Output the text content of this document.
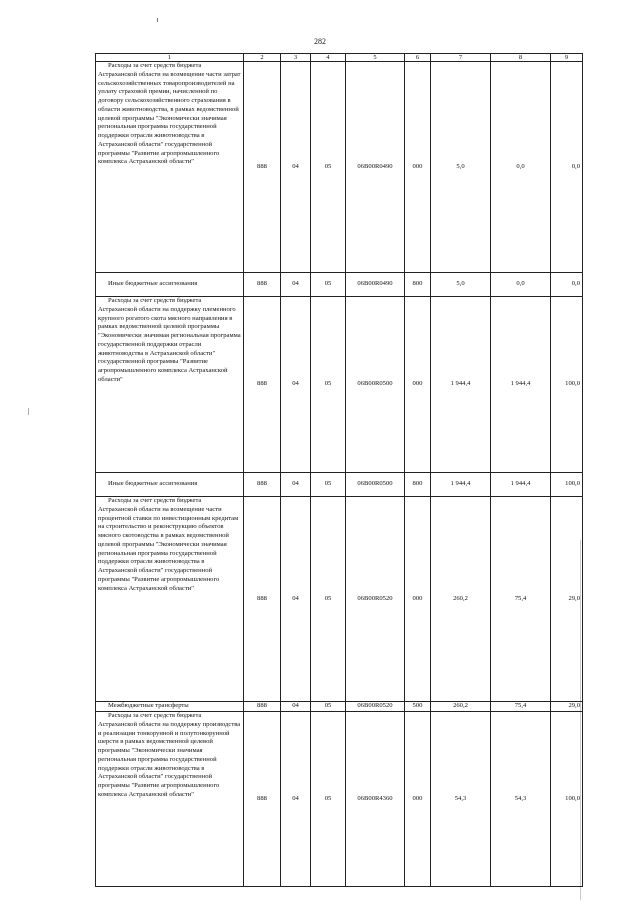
282
1	2	3	4	5	6	7	8	9
Расходы за счет средств бюджета Астраханской области на возмещение части затрат сельскохозяйственных товаропроизводителей на уплату страховой премии, начисленной по договору сельскохозяйственного страхования в области животноводства, в рамках ведомственной целевой программы "Экономически значимая региональная программа государственной поддержки отрасли животноводства в Астраханской области" государственной программы "Развитие агропромышленного комплекса Астраханской области"	888	04	05	06В00R0490	000	5,0	0,0	0,0
Иные бюджетные ассигнования	888	04	05	06В00R0490	800	5,0	0,0	0,0
Расходы за счет средств бюджета Астраханской области на поддержку племенного крупного рогатого скота мясного направления в рамках ведомственной целевой программы "Экономически значимая региональная программа государственной поддержки отрасли животноводства в Астраханской области" государственной программы "Развитие агропромышленного комплекса Астраханской области"	888	04	05	06В00R0500	000	1 944,4	1 944,4	100,0
Иные бюджетные ассигнования	888	04	05	06В00R0500	800	1 944,4	1 944,4	100,0
Расходы за счет средств бюджета Астраханской области на возмещение части процентной ставки по инвестиционным кредитам на строительство и реконструкцию объектов мясного скотоводства в рамках ведомственной целевой программы "Экономически значимая региональная программа государственной поддержки отрасли животноводства в Астраханской области" государственной программы "Развитие агропромышленного комплекса Астраханской области"	888	04	05	06В00R0520	000	260,2	75,4	29,0
Межбюджетные трансферты	888	04	05	06В00R0520	500	260,2	75,4	29,0
Расходы за счет средств бюджета Астраханской области на поддержку производства и реализации тонкорунной и полутонкорунной шерсти в рамках ведомственной целевой программы "Экономически значимая региональная программа государственной поддержки отрасли животноводства в Астраханской области" государственной программы "Развитие агропромышленного комплекса Астраханской области"	888	04	05	06В00R4360	000	54,3	54,3	100,0
